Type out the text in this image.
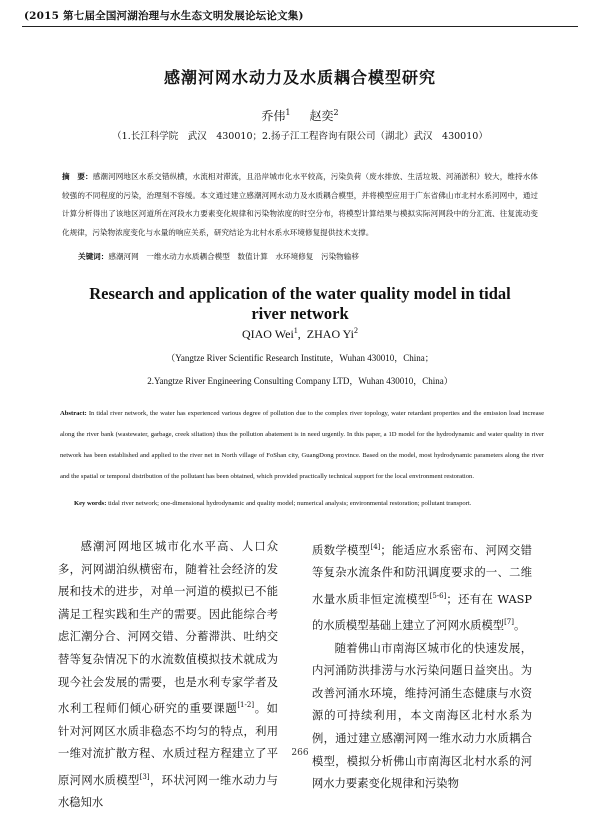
(2015 第七届全国河湖治理与水生态文明发展论坛论文集)
感潮河网水动力及水质耦合模型研究
乔伟$^1$ 赵奕$^2$
（1.长江科学院　武汉　430010；2.扬子江工程咨询有限公司（湖北）武汉　430010）
摘　要：感潮河网地区水系交错纵横，水流相对滞流，且沿岸城市化水平较高，污染负荷（废水排放、生活垃圾、河涌淤积）较大，维持水体较强的不同程度的污染，治理刻不容缓。本文通过建立感潮河网水动力及水质耦合模型，并将模型应用于广东省佛山市北村水系河网中，通过计算分析得出了该地区河道所在河段水力要素变化规律和污染物浓度的时空分布，将模型计算结果与模拟实际河网段中的分汇流、往复流动变化规律，污染物浓度变化与水量的响应关系，研究结论为北村水系水环境修复提供技术支撑。
关键词：感潮河网　一维水动力水质耦合模型　数值计算　水环境修复　污染物输移
Research and application of the water quality model in tidal river network
QIAO Wei$^1$,  ZHAO Yi$^2$
（Yangtze River Scientific Research Institute，Wuhan 430010，China；
2.Yangtze River Engineering Consulting Company LTD，Wuhan 430010，China）
Abstract: In tidal river network, the water has experienced various degree of pollution due to the complex river topology, water retardant properties and the emission load increase along the river bank (wastewater, garbage, creek siltation) thus the pollution abatement is in need urgently. In this paper, a 1D model for the hydrodynamic and water quality in river network has been established and applied to the river net in North village of FoShan city, GuangDong province. Based on the model, most hydrodynamic parameters along the river and the spatial or temporal distribution of the pollutant has been obtained, which provided practically technical support for the local environment restoration.
Key words: tidal river network; one-dimensional hydrodynamic and quality model; numerical analysis; environmental restoration; pollutant transport.

感潮河网地区城市化水平高、人口众多，河网湖泊纵横密布，随着社会经济的发展和技术的进步，对单一河道的模拟已不能满足工程实践和生产的需要。因此能综合考虑汇潮分合、河网交错、分蓄滞洪、吐纳交替等复杂情况下的水流数值模拟技术就成为现今社会发展的需要，也是水利专家学者及水利工程师们倾心研究的重要课题[1-2]。如针对河网区水质非稳态不均匀的特点，利用一维对流扩散方程、水质过程方程建立了平原河网水质模型[3]，环状河网一维水动力与水稳知水

质数学模型[4]；能适应水系密布、河网交错等复杂水流条件和防汛调度要求的一、二维水量水质非恒定流模型[5-6]；还有在 WASP 的水质模型基础上建立了河网水质模型[7]。

随着佛山市南海区城市化的快速发展，内河涌防洪排涝与水污染问题日益突出。为改善河涌水环境，维持河涌生态健康与水资源的可持续利用，本文南海区北村水系为例，通过建立感潮河网一维水动力水质耦合模型，模拟分析佛山市南海区北村水系的河网水力要素变化规律和污染物

266
